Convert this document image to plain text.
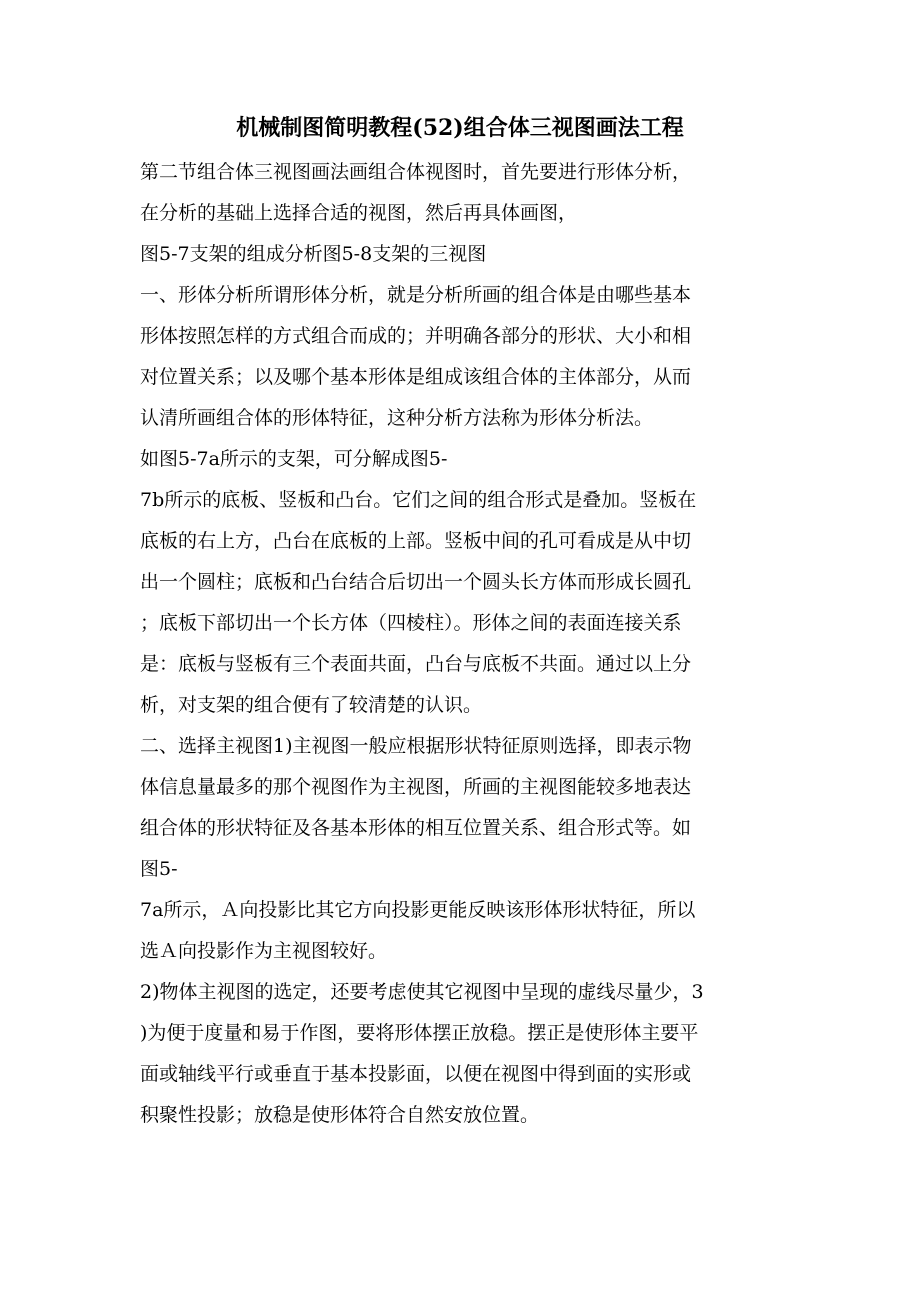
机械制图简明教程(52)组合体三视图画法工程
第二节组合体三视图画法画组合体视图时，首先要进行形体分析，
在分析的基础上选择合适的视图，然后再具体画图，
图5-7支架的组成分析图5-8支架的三视图
一、形体分析所谓形体分析，就是分析所画的组合体是由哪些基本
形体按照怎样的方式组合而成的；并明确各部分的形状、大小和相
对位置关系；以及哪个基本形体是组成该组合体的主体部分，从而
认清所画组合体的形体特征，这种分析方法称为形体分析法。
如图5-7a所示的支架，可分解成图5-
7b所示的底板、竖板和凸台。它们之间的组合形式是叠加。竖板在
底板的右上方，凸台在底板的上部。竖板中间的孔可看成是从中切
出一个圆柱；底板和凸台结合后切出一个圆头长方体而形成长圆孔
；底板下部切出一个长方体（四棱柱）。形体之间的表面连接关系
是：底板与竖板有三个表面共面，凸台与底板不共面。通过以上分
析，对支架的组合便有了较清楚的认识。
二、选择主视图1)主视图一般应根据形状特征原则选择，即表示物
体信息量最多的那个视图作为主视图，所画的主视图能较多地表达
组合体的形状特征及各基本形体的相互位置关系、组合形式等。如
图5-
7a所示，Ａ向投影比其它方向投影更能反映该形体形状特征，所以
选Ａ向投影作为主视图较好。
2)物体主视图的选定，还要考虑使其它视图中呈现的虚线尽量少，3
)为便于度量和易于作图，要将形体摆正放稳。摆正是使形体主要平
面或轴线平行或垂直于基本投影面，以便在视图中得到面的实形或
积聚性投影；放稳是使形体符合自然安放位置。
